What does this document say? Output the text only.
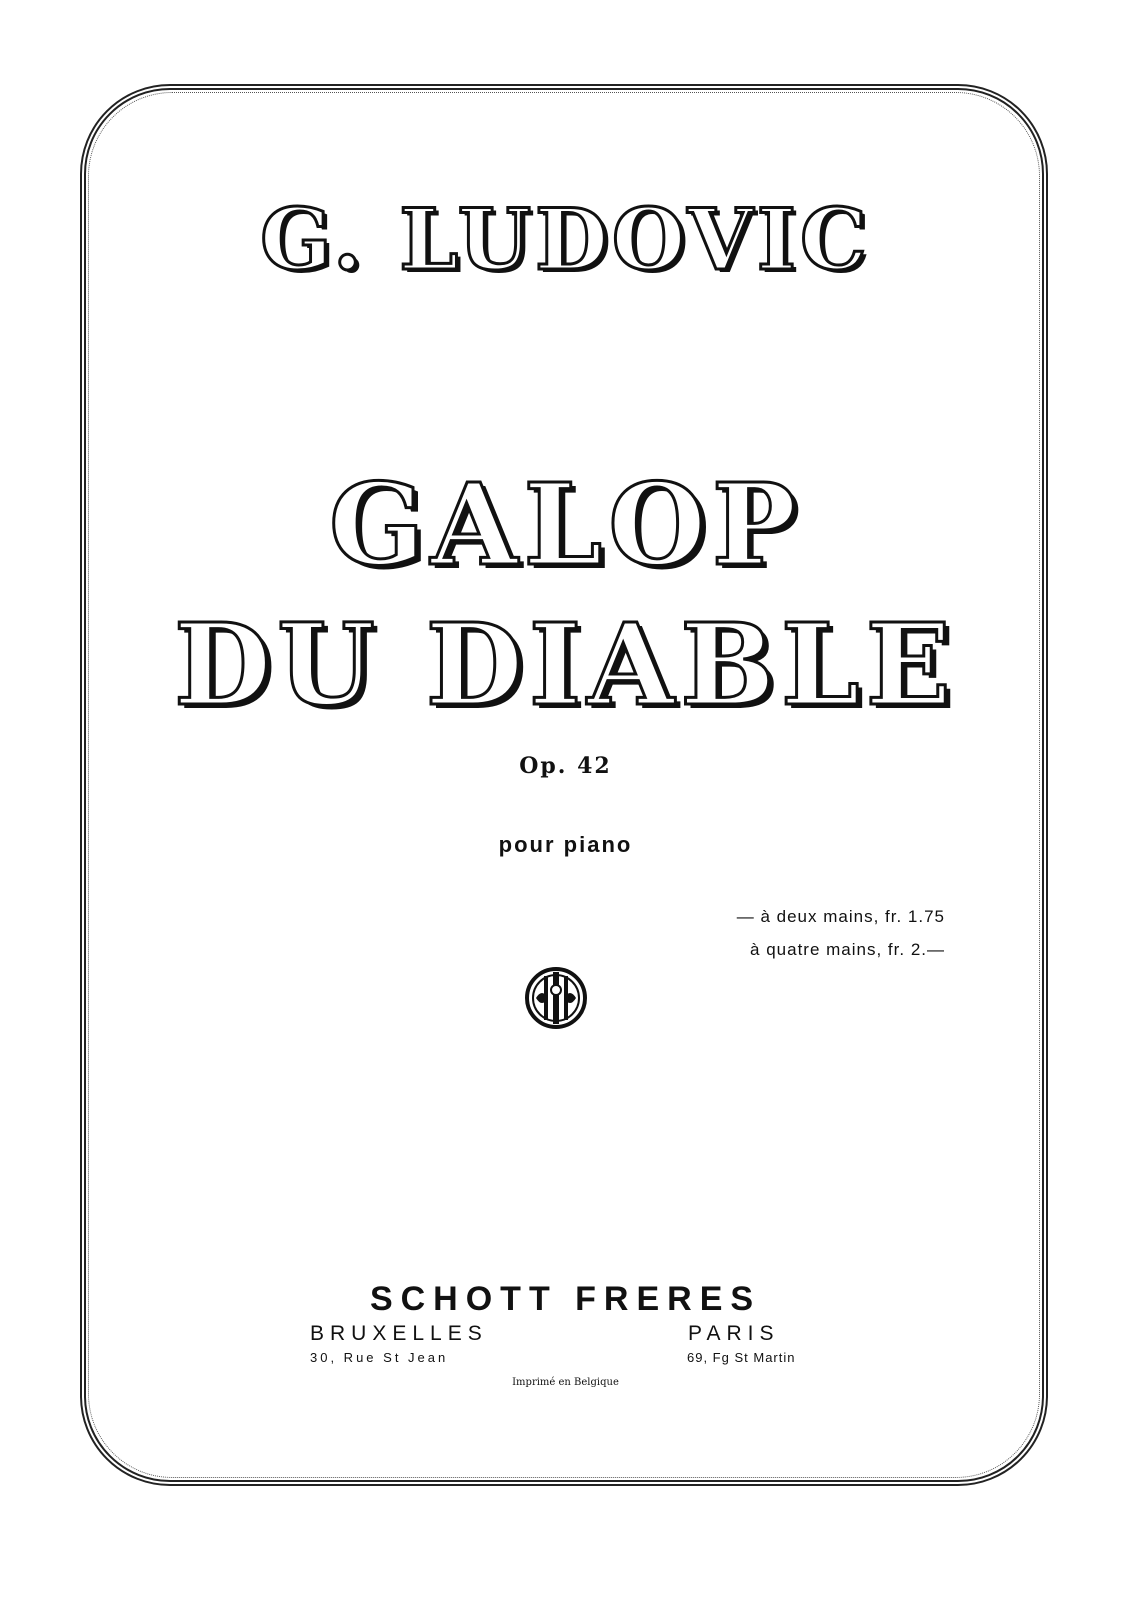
G. LUDOVIC
GALOP
DU DIABLE

Op. 42

pour piano

— à deux mains, fr. 1.75
à quatre mains, fr. 2.—

SCHOTT FRERES

BRUXELLES	PARIS
30, Rue St Jean	69, Fg St Martin

Imprimé en Belgique
